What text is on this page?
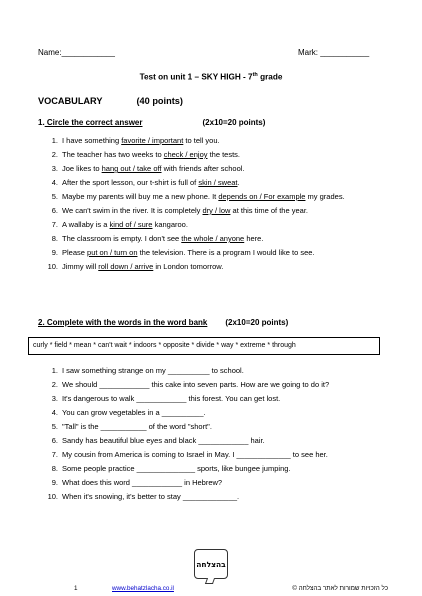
Name:____________	Mark: ___________
Test on unit 1 – SKY HIGH - 7th grade
VOCABULARY	(40 points)
1. Circle the correct answer	(2x10=20 points)
1. I have something favorite / important to tell you.
2. The teacher has two weeks to check / enjoy the tests.
3. Joe likes to hang out / take off with friends after school.
4. After the sport lesson, our t-shirt is full of skin / sweat.
5. Maybe my parents will buy me a new phone. It depends on / For example my grades.
6. We can't swim in the river. It is completely dry / low at this time of the year.
7. A wallaby is a kind of / sure kangaroo.
8. The classroom is empty. I don't see the whole / anyone here.
9. Please put on / turn on the television. There is a program I would like to see.
10. Jimmy will roll down / arrive in London tomorrow.
2. Complete with the words in the word bank (2x10=20 points)
curly * field * mean * can't wait * indoors * opposite * divide * way * extreme * through
1. I saw something strange on my __________ to school.
2. We should ____________ this cake into seven parts. How are we going to do it?
3. It's dangerous to walk ____________ this forest. You can get lost.
4. You can grow vegetables in a __________.
5. "Tall" is the ___________ of the word "short".
6. Sandy has beautiful blue eyes and black ____________ hair.
7. My cousin from America is coming to Israel in May. I _____________ to see her.
8. Some people practice ______________ sports, like bungee jumping.
9. What does this word ____________ in Hebrew?
10. When it's snowing, it's better to stay _____________.
בהצלחה
1	www.behatzlacha.co.il	כל הזכויות שמורות לאתר בהצלחה ©
